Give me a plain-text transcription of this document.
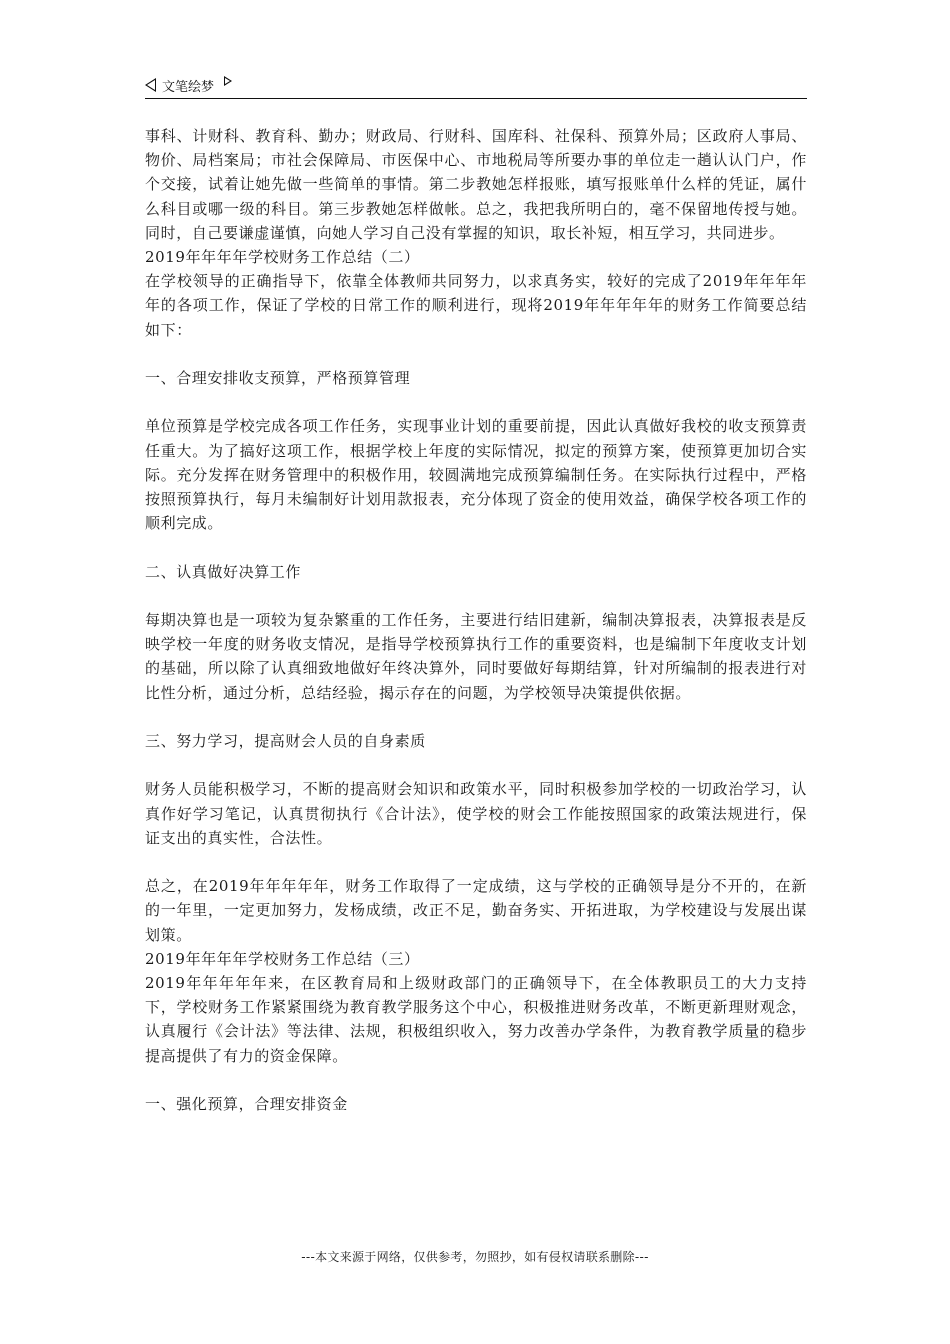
文笔绘梦

事科、计财科、教育科、勤办；财政局、行财科、国库科、社保科、预算外局；区政府人事局、物价、局档案局；市社会保障局、市医保中心、市地税局等所要办事的单位走一趟认认门户，作个交接，试着让她先做一些简单的事情。第二步教她怎样报账，填写报账单什么样的凭证，属什么科目或哪一级的科目。第三步教她怎样做帐。总之，我把我所明白的，毫不保留地传授与她。同时，自己要谦虚谨慎，向她人学习自己没有掌握的知识，取长补短，相互学习，共同进步。

2019年年年年学校财务工作总结（二）

在学校领导的正确指导下，依靠全体教师共同努力，以求真务实，较好的完成了2019年年年年年的各项工作，保证了学校的日常工作的顺利进行，现将2019年年年年年的财务工作简要总结如下：

一、合理安排收支预算，严格预算管理

单位预算是学校完成各项工作任务，实现事业计划的重要前提，因此认真做好我校的收支预算责任重大。为了搞好这项工作，根据学校上年度的实际情况，拟定的预算方案，使预算更加切合实际。充分发挥在财务管理中的积极作用，较圆满地完成预算编制任务。在实际执行过程中，严格按照预算执行，每月未编制好计划用款报表，充分体现了资金的使用效益，确保学校各项工作的顺利完成。

二、认真做好决算工作

每期决算也是一项较为复杂繁重的工作任务，主要进行结旧建新，编制决算报表，决算报表是反映学校一年度的财务收支情况，是指导学校预算执行工作的重要资料，也是编制下年度收支计划的基础，所以除了认真细致地做好年终决算外，同时要做好每期结算，针对所编制的报表进行对比性分析，通过分析，总结经验，揭示存在的问题，为学校领导决策提供依据。

三、努力学习，提高财会人员的自身素质

财务人员能积极学习，不断的提高财会知识和政策水平，同时积极参加学校的一切政治学习，认真作好学习笔记，认真贯彻执行《合计法》，使学校的财会工作能按照国家的政策法规进行，保证支出的真实性，合法性。

总之，在2019年年年年年，财务工作取得了一定成绩，这与学校的正确领导是分不开的，在新的一年里，一定更加努力，发杨成绩，改正不足，勤奋务实、开拓进取，为学校建设与发展出谋划策。

2019年年年年学校财务工作总结（三）

2019年年年年年来，在区教育局和上级财政部门的正确领导下，在全体教职员工的大力支持下，学校财务工作紧紧围绕为教育教学服务这个中心，积极推进财务改革，不断更新理财观念，认真履行《会计法》等法律、法规，积极组织收入，努力改善办学条件，为教育教学质量的稳步提高提供了有力的资金保障。

一、强化预算，合理安排资金

---本文来源于网络，仅供参考，勿照抄，如有侵权请联系删除---
